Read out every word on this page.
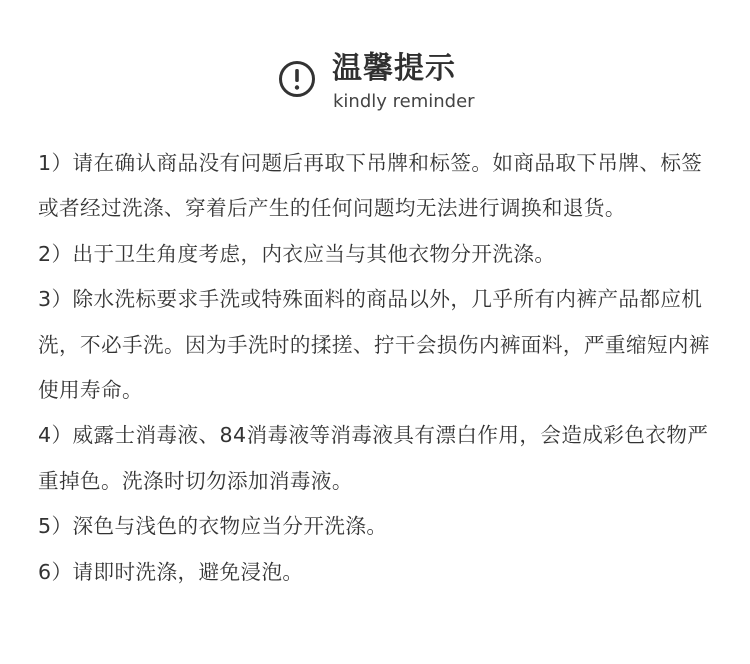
温馨提示
kindly reminder

1）请在确认商品没有问题后再取下吊牌和标签。如商品取下吊牌、标签或者经过洗涤、穿着后产生的任何问题均无法进行调换和退货。

2）出于卫生角度考虑，内衣应当与其他衣物分开洗涤。

3）除水洗标要求手洗或特殊面料的商品以外，几乎所有内裤产品都应机洗，不必手洗。因为手洗时的揉搓、拧干会损伤内裤面料，严重缩短内裤使用寿命。

4）威露士消毒液、84消毒液等消毒液具有漂白作用，会造成彩色衣物严重掉色。洗涤时切勿添加消毒液。

5）深色与浅色的衣物应当分开洗涤。

6）请即时洗涤，避免浸泡。
